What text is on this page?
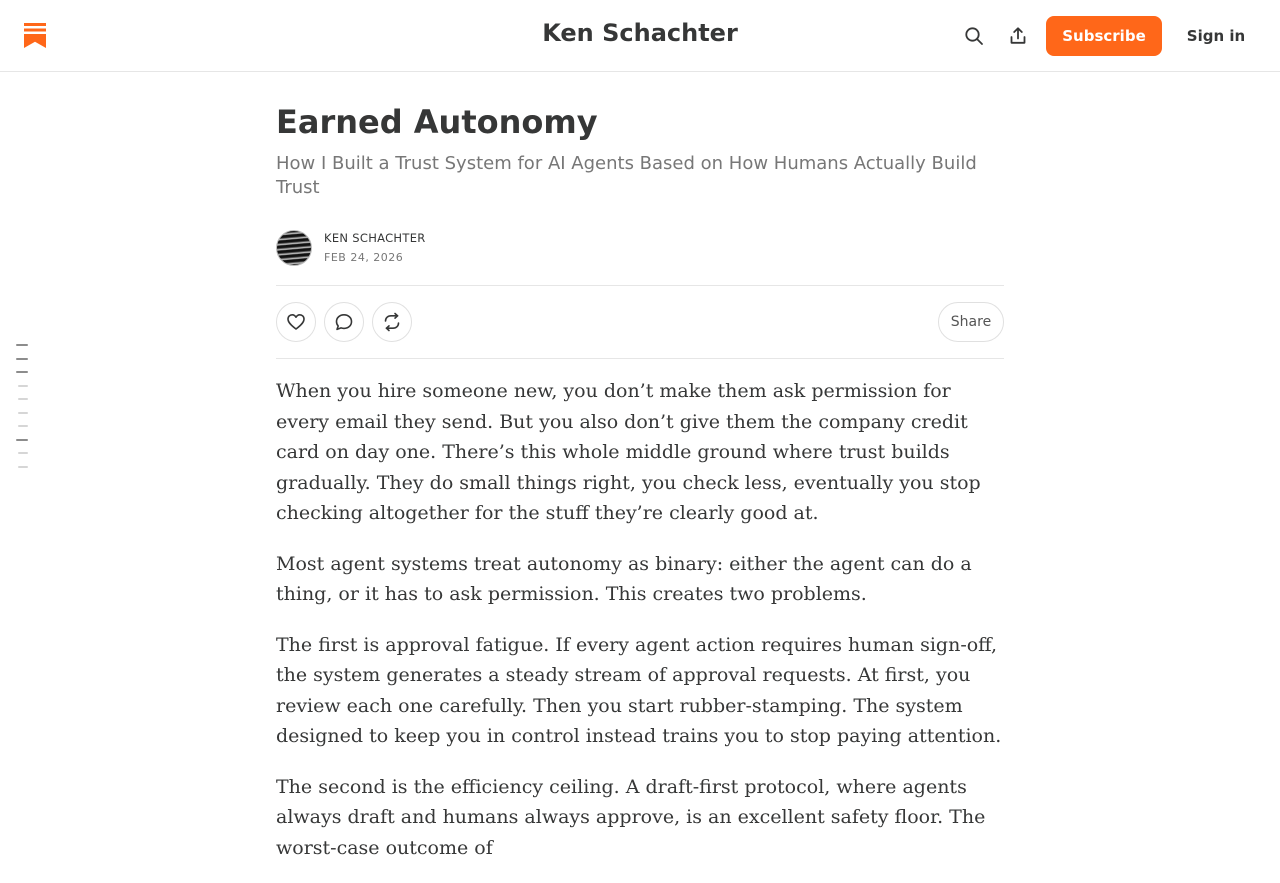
Ken Schachter	Subscribe	Sign in
Earned Autonomy
How I Built a Trust System for AI Agents Based on How Humans Actually Build Trust
KEN SCHACHTER
FEB 24, 2026
Share

When you hire someone new, you don’t make them ask permission for every email they send. But you also don’t give them the company credit card on day one. There’s this whole middle ground where trust builds gradually. They do small things right, you check less, eventually you stop checking altogether for the stuff they’re clearly good at.

Most agent systems treat autonomy as binary: either the agent can do a thing, or it has to ask permission. This creates two problems.

The first is approval fatigue. If every agent action requires human sign-off, the system generates a steady stream of approval requests. At first, you review each one carefully. Then you start rubber-stamping. The system designed to keep you in control instead trains you to stop paying attention.

The second is the efficiency ceiling. A draft-first protocol, where agents always draft and humans always approve, is an excellent safety floor. The worst-case outcome of
